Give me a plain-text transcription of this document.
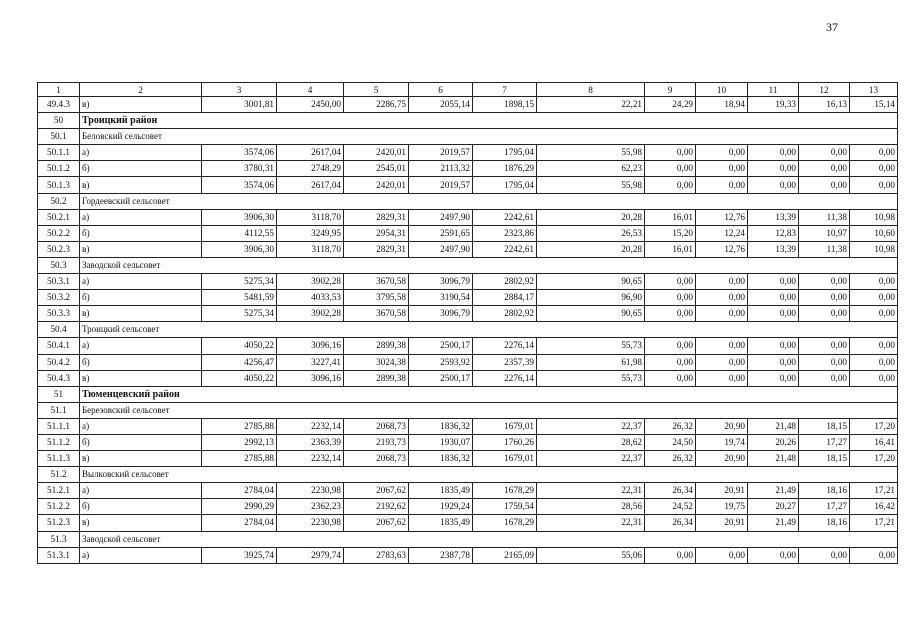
37
1	2	3	4	5	6	7	8	9	10	11	12	13
49.4.3	в)	3001,81	2450,00	2286,75	2055,14	1898,15	22,21	24,29	18,94	19,33	16,13	15,14
50	Троицкий район											
50.1	Беловский сельсовет											
50.1.1	а)	3574,06	2617,04	2420,01	2019,57	1795,04	55,98	0,00	0,00	0,00	0,00	0,00
50.1.2	б)	3780,31	2748,29	2545,01	2113,32	1876,29	62,23	0,00	0,00	0,00	0,00	0,00
50.1.3	в)	3574,06	2617,04	2420,01	2019,57	1795,04	55,98	0,00	0,00	0,00	0,00	0,00
50.2	Гордеевский сельсовет											
50.2.1	а)	3906,30	3118,70	2829,31	2497,90	2242,61	20,28	16,01	12,76	13,39	11,38	10,98
50.2.2	б)	4112,55	3249,95	2954,31	2591,65	2323,86	26,53	15,20	12,24	12,83	10,97	10,60
50.2.3	в)	3906,30	3118,70	2829,31	2497,90	2242,61	20,28	16,01	12,76	13,39	11,38	10,98
50.3	Заводской сельсовет											
50.3.1	а)	5275,34	3902,28	3670,58	3096,79	2802,92	90,65	0,00	0,00	0,00	0,00	0,00
50.3.2	б)	5481,59	4033,53	3795,58	3190,54	2884,17	96,90	0,00	0,00	0,00	0,00	0,00
50.3.3	в)	5275,34	3902,28	3670,58	3096,79	2802,92	90,65	0,00	0,00	0,00	0,00	0,00
50.4	Троицкий сельсовет											
50.4.1	а)	4050,22	3096,16	2899,38	2500,17	2276,14	55,73	0,00	0,00	0,00	0,00	0,00
50.4.2	б)	4256,47	3227,41	3024,38	2593,92	2357,39	61,98	0,00	0,00	0,00	0,00	0,00
50.4.3	в)	4050,22	3096,16	2899,38	2500,17	2276,14	55,73	0,00	0,00	0,00	0,00	0,00
51	Тюменцевский район											
51.1	Березовский сельсовет											
51.1.1	а)	2785,88	2232,14	2068,73	1836,32	1679,01	22,37	26,32	20,90	21,48	18,15	17,20
51.1.2	б)	2992,13	2363,39	2193,73	1930,07	1760,26	28,62	24,50	19,74	20,26	17,27	16,41
51.1.3	в)	2785,88	2232,14	2068,73	1836,32	1679,01	22,37	26,32	20,90	21,48	18,15	17,20
51.2	Вылковский сельсовет											
51.2.1	а)	2784,04	2230,98	2067,62	1835,49	1678,29	22,31	26,34	20,91	21,49	18,16	17,21
51.2.2	б)	2990,29	2362,23	2192,62	1929,24	1759,54	28,56	24,52	19,75	20,27	17,27	16,42
51.2.3	в)	2784,04	2230,98	2067,62	1835,49	1678,29	22,31	26,34	20,91	21,49	18,16	17,21
51.3	Заводской сельсовет											
51.3.1	а)	3925,74	2979,74	2783,63	2387,78	2165,09	55,06	0,00	0,00	0,00	0,00	0,00
